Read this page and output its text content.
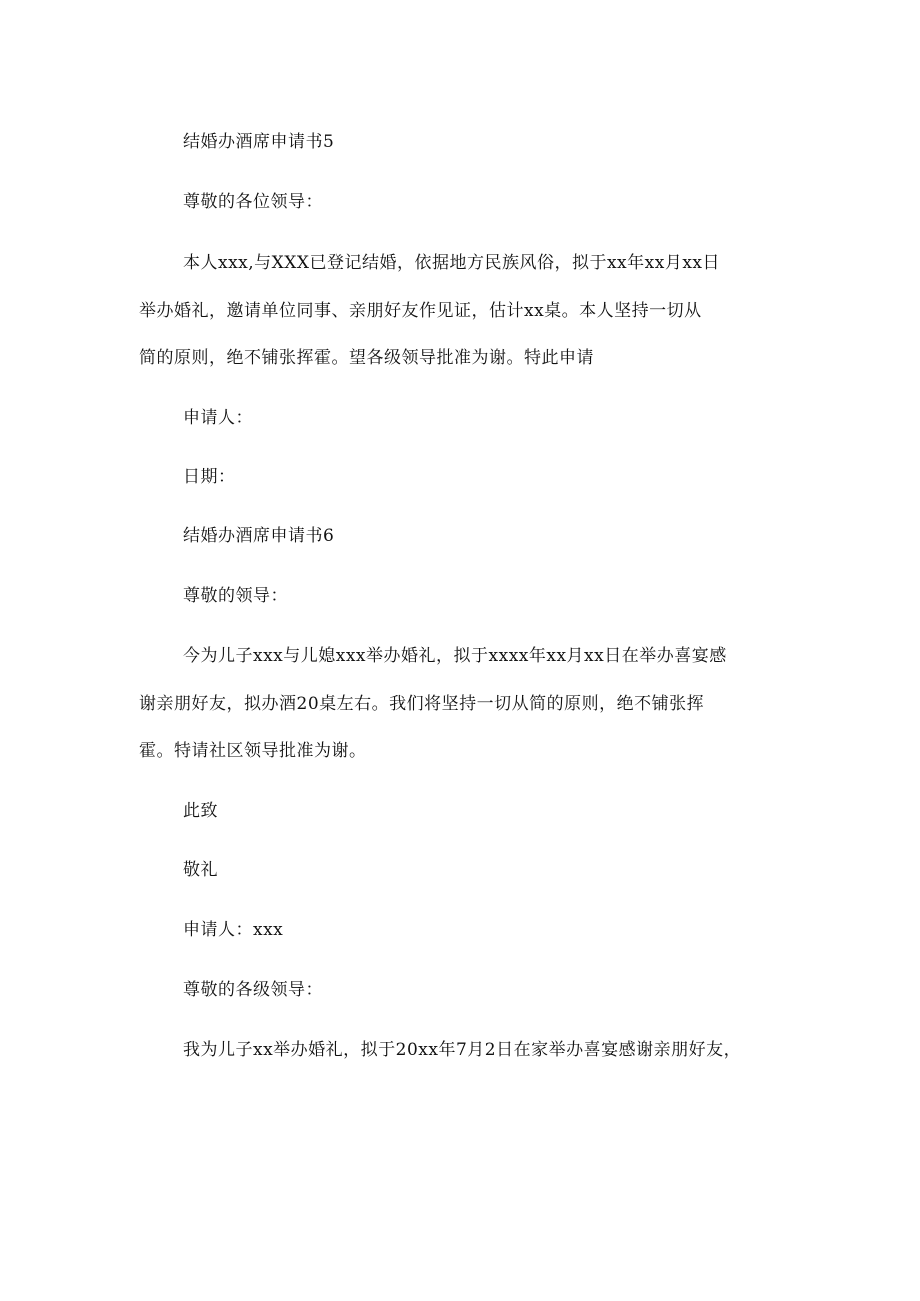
结婚办酒席申请书5
尊敬的各位领导：
本人xxx,与XXX已登记结婚，依据地方民族风俗，拟于xx年xx月xx日
举办婚礼，邀请单位同事、亲朋好友作见证，估计xx桌。本人坚持一切从
简的原则，绝不铺张挥霍。望各级领导批准为谢。特此申请
申请人：
日期：
结婚办酒席申请书6
尊敬的领导：
今为儿子xxx与儿媳xxx举办婚礼，拟于xxxx年xx月xx日在举办喜宴感
谢亲朋好友，拟办酒20桌左右。我们将坚持一切从简的原则，绝不铺张挥
霍。特请社区领导批准为谢。
此致
敬礼
申请人：xxx
尊敬的各级领导：
我为儿子xx举办婚礼，拟于20xx年7月2日在家举办喜宴感谢亲朋好友，
